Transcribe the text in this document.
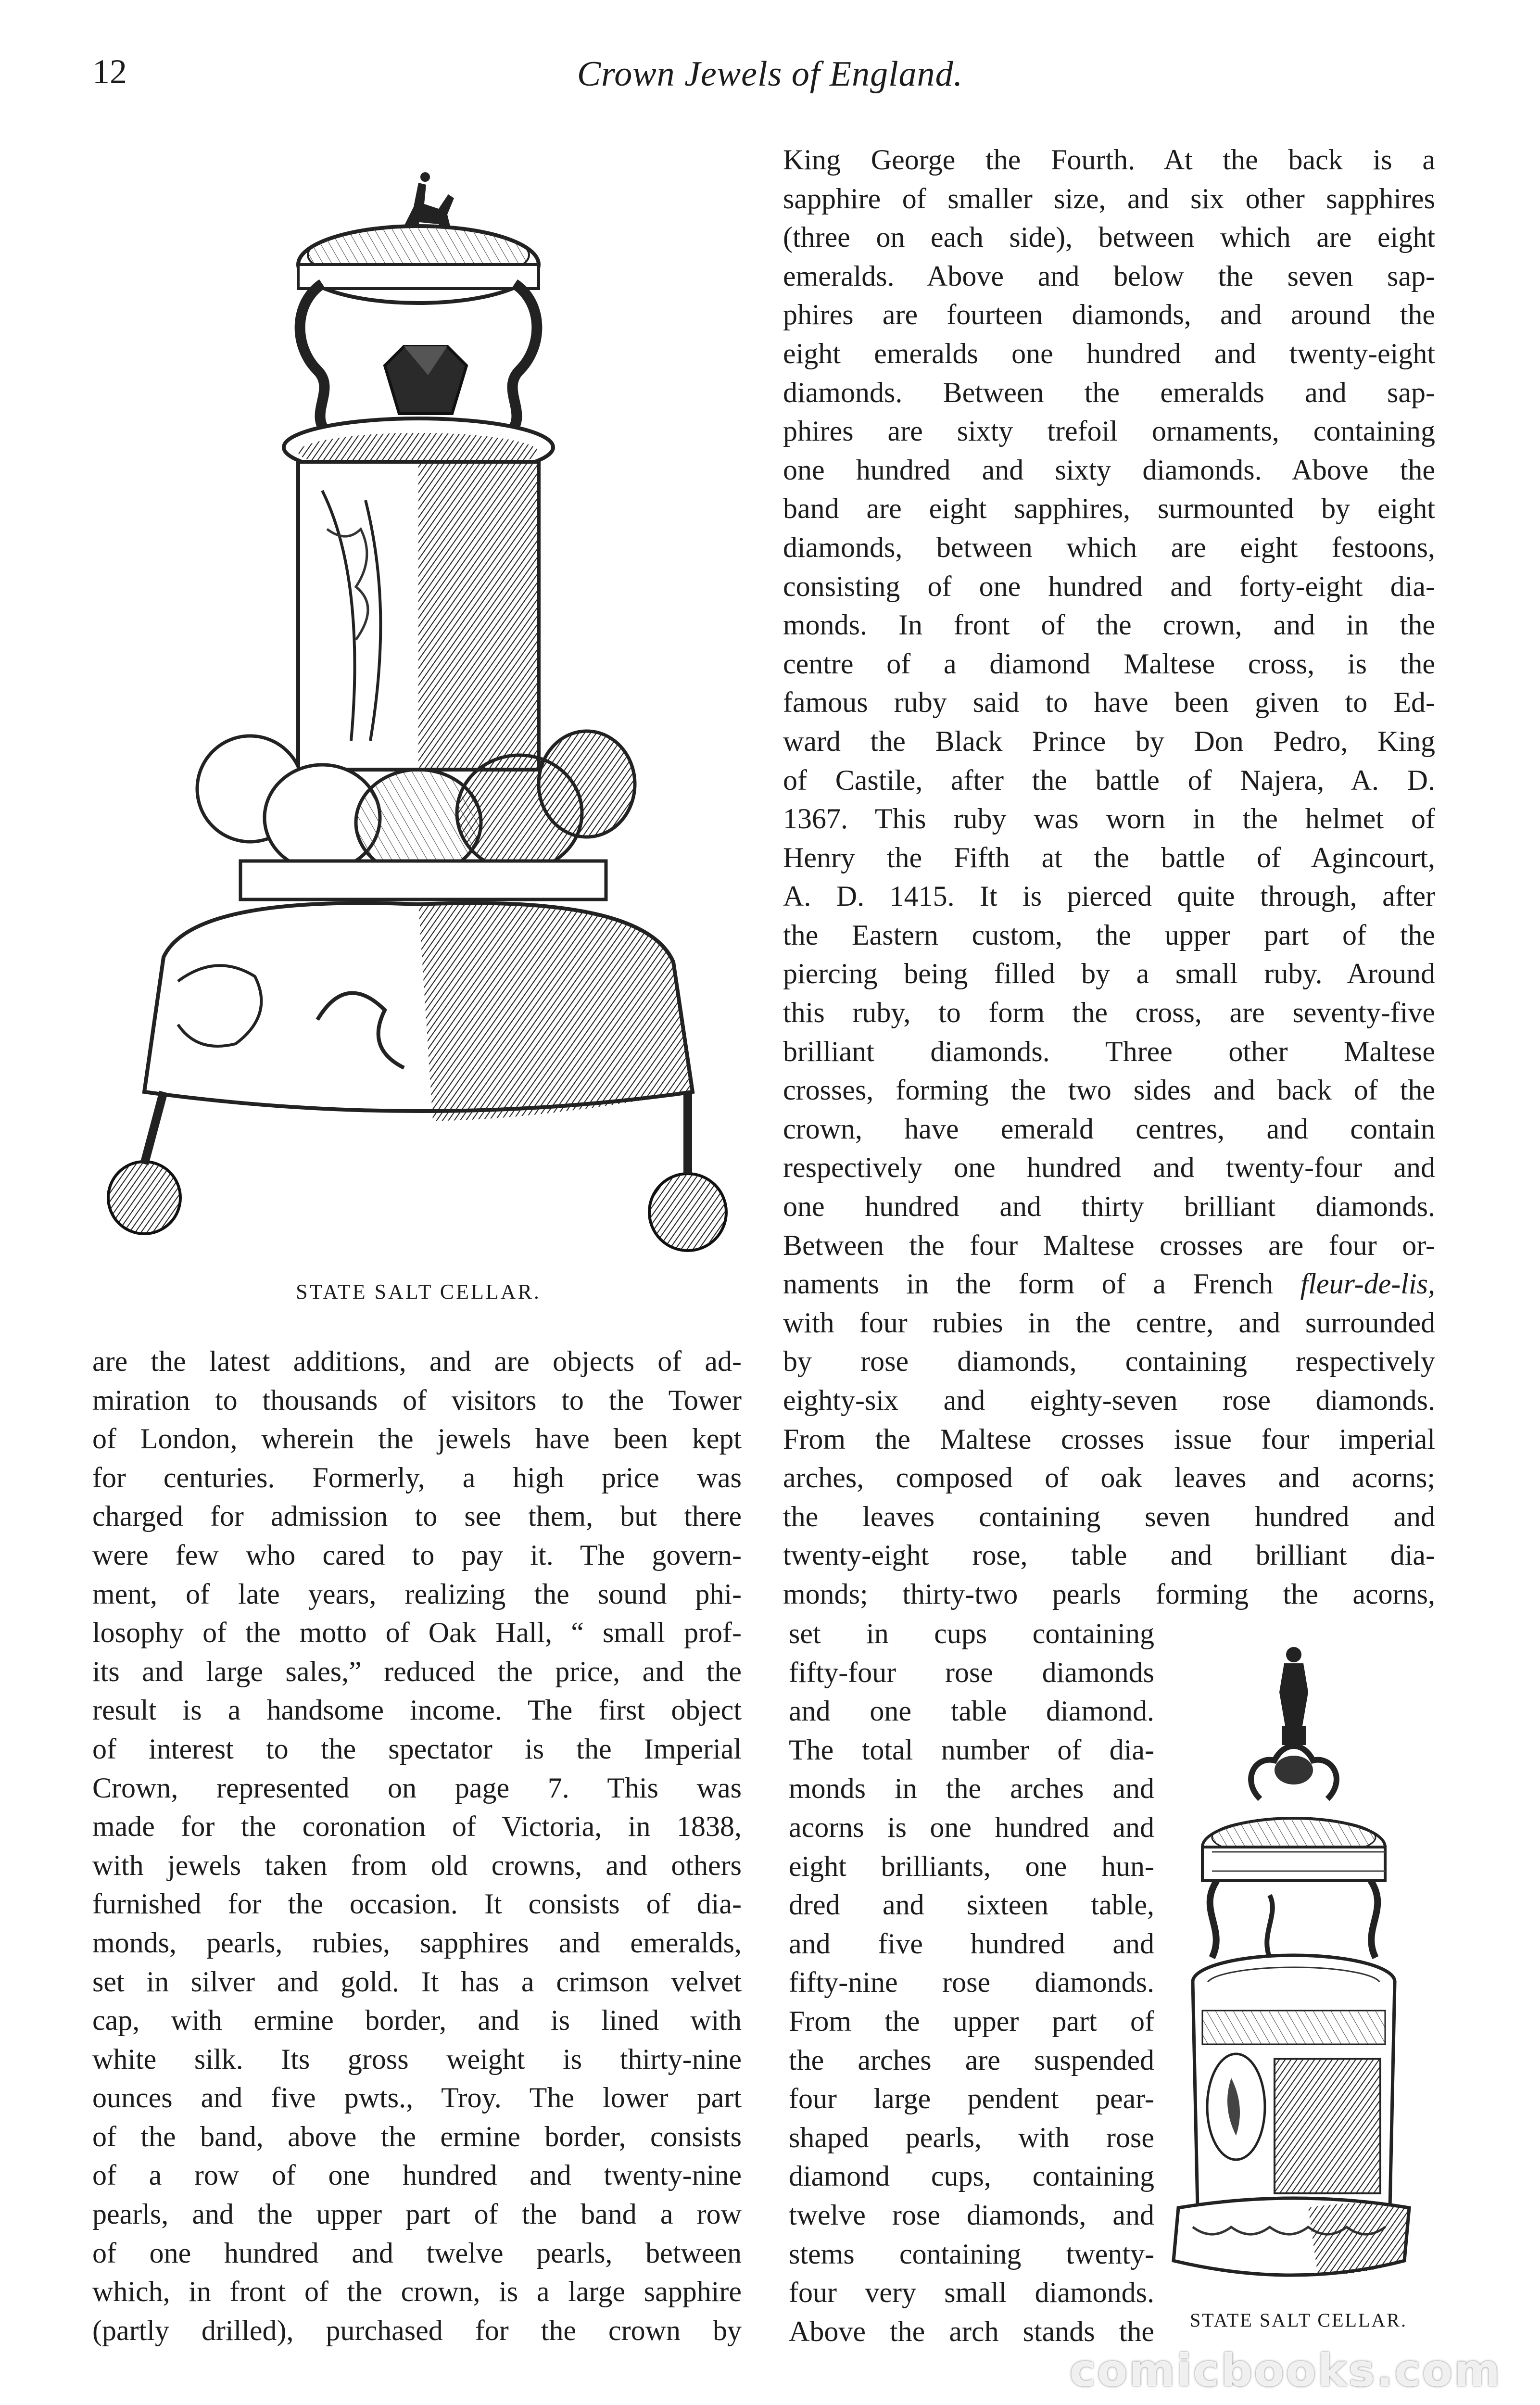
12	Crown Jewels of England.
STATE SALT CELLAR.
are the latest additions, and are objects of ad-
miration to thousands of visitors to the Tower
of London, wherein the jewels have been kept
for centuries. Formerly, a high price was
charged for admission to see them, but there
were few who cared to pay it. The govern-
ment, of late years, realizing the sound phi-
losophy of the motto of Oak Hall, “ small prof-
its and large sales,” reduced the price, and the
result is a handsome income. The first object
of interest to the spectator is the Imperial
Crown, represented on page 7. This was
made for the coronation of Victoria, in 1838,
with jewels taken from old crowns, and others
furnished for the occasion. It consists of dia-
monds, pearls, rubies, sapphires and emeralds,
set in silver and gold. It has a crimson velvet
cap, with ermine border, and is lined with
white silk. Its gross weight is thirty-nine
ounces and five pwts., Troy. The lower part
of the band, above the ermine border, consists
of a row of one hundred and twenty-nine
pearls, and the upper part of the band a row
of one hundred and twelve pearls, between
which, in front of the crown, is a large sapphire
(partly drilled), purchased for the crown by
King George the Fourth. At the back is a
sapphire of smaller size, and six other sapphires
(three on each side), between which are eight
emeralds. Above and below the seven sap-
phires are fourteen diamonds, and around the
eight emeralds one hundred and twenty-eight
diamonds. Between the emeralds and sap-
phires are sixty trefoil ornaments, containing
one hundred and sixty diamonds. Above the
band are eight sapphires, surmounted by eight
diamonds, between which are eight festoons,
consisting of one hundred and forty-eight dia-
monds. In front of the crown, and in the
centre of a diamond Maltese cross, is the
famous ruby said to have been given to Ed-
ward the Black Prince by Don Pedro, King
of Castile, after the battle of Najera, A. D.
1367. This ruby was worn in the helmet of
Henry the Fifth at the battle of Agincourt,
A. D. 1415. It is pierced quite through, after
the Eastern custom, the upper part of the
piercing being filled by a small ruby. Around
this ruby, to form the cross, are seventy-five
brilliant diamonds. Three other Maltese
crosses, forming the two sides and back of the
crown, have emerald centres, and contain
respectively one hundred and twenty-four and
one hundred and thirty brilliant diamonds.
Between the four Maltese crosses are four or-
naments in the form of a French fleur-de-lis,
with four rubies in the centre, and surrounded
by rose diamonds, containing respectively
eighty-six and eighty-seven rose diamonds.
From the Maltese crosses issue four imperial
arches, composed of oak leaves and acorns;
the leaves containing seven hundred and
twenty-eight rose, table and brilliant dia-
monds; thirty-two pearls forming the acorns,
set in cups containing
fifty-four rose diamonds
and one table diamond.
The total number of dia-
monds in the arches and
acorns is one hundred and
eight brilliants, one hun-
dred and sixteen table,
and five hundred and
fifty-nine rose diamonds.
From the upper part of
the arches are suspended
four large pendent pear-
shaped pearls, with rose
diamond cups, containing
twelve rose diamonds, and
stems containing twenty-
four very small diamonds.
Above the arch stands the	STATE SALT CELLAR.
comicbooks.com
